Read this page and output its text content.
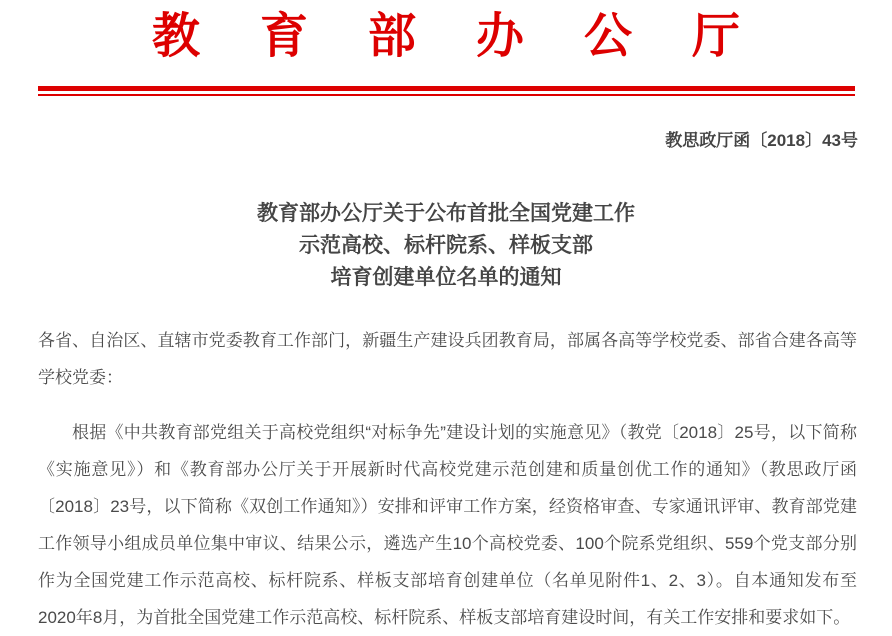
教育部办公厅
教思政厅函〔2018〕43号
教育部办公厅关于公布首批全国党建工作
示范高校、标杆院系、样板支部
培育创建单位名单的通知
各省、自治区、直辖市党委教育工作部门，新疆生产建设兵团教育局，部属各高等学校党委、部省合建各高等学校党委：
根据《中共教育部党组关于高校党组织“对标争先”建设计划的实施意见》（教党〔2018〕25号，以下简称《实施意见》）和《教育部办公厅关于开展新时代高校党建示范创建和质量创优工作的通知》（教思政厅函〔2018〕23号，以下简称《双创工作通知》）安排和评审工作方案，经资格审查、专家通讯评审、教育部党建工作领导小组成员单位集中审议、结果公示，遴选产生10个高校党委、100个院系党组织、559个党支部分别作为全国党建工作示范高校、标杆院系、样板支部培育创建单位（名单见附件1、2、3）。自本通知发布至2020年8月，为首批全国党建工作示范高校、标杆院系、样板支部培育建设时间，有关工作安排和要求如下。
